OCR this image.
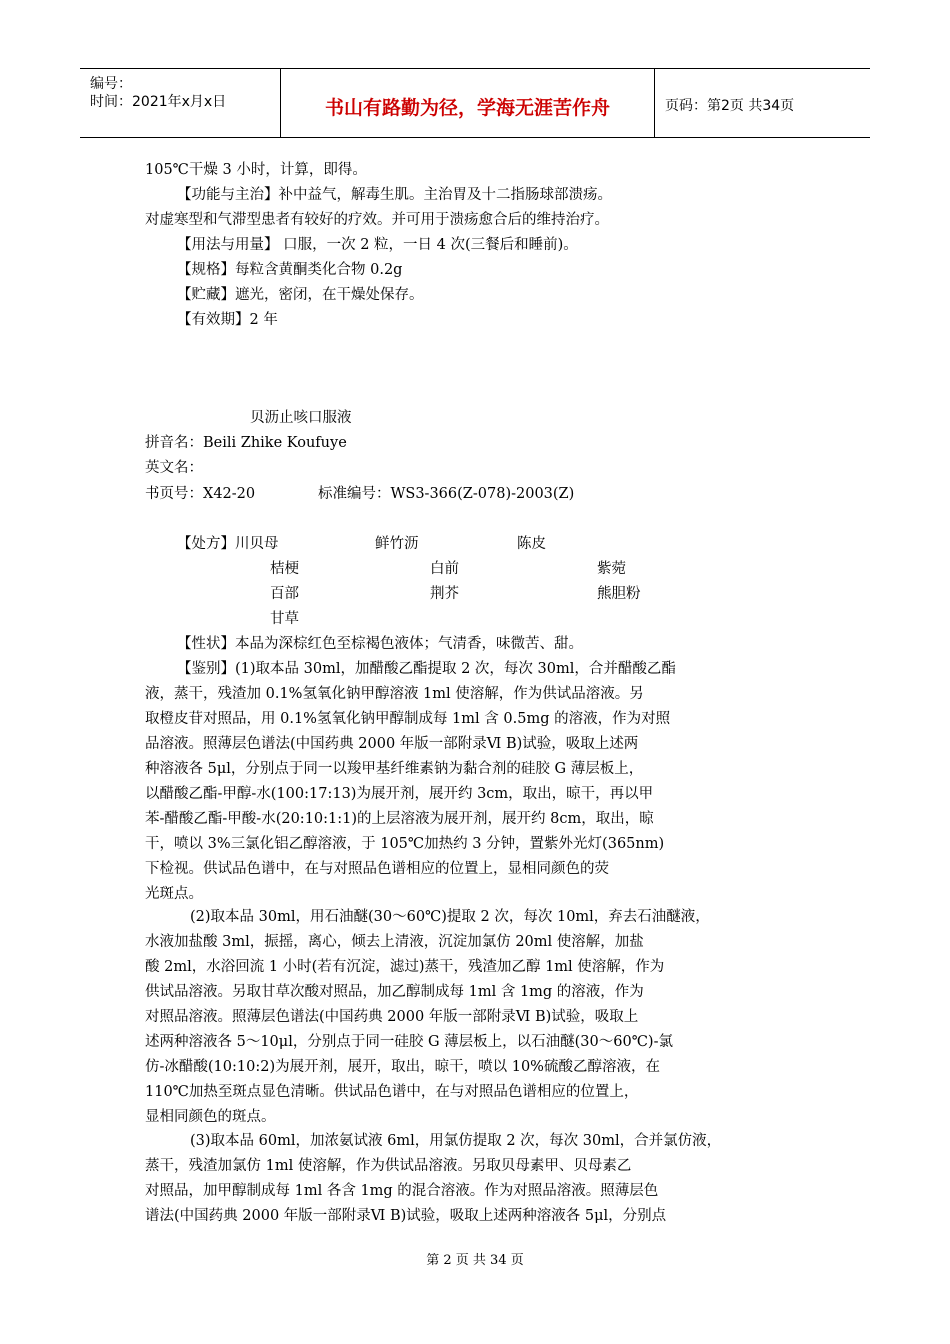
编号：
时间：2021年x月x日	书山有路勤为径，学海无涯苦作舟	页码：第2页 共34页
105℃干燥 3 小时，计算，即得。
【功能与主治】补中益气，解毒生肌。主治胃及十二指肠球部溃疡。
对虚寒型和气滞型患者有较好的疗效。并可用于溃疡愈合后的维持治疗。
【用法与用量】 口服，一次 2 粒，一日 4 次(三餐后和睡前)。
【规格】每粒含黄酮类化合物 0.2g
【贮藏】遮光，密闭，在干燥处保存。
【有效期】2 年
贝沥止咳口服液
拼音名：Beili Zhike Koufuye
英文名：
书页号：X42-20	标准编号：WS3-366(Z-078)-2003(Z)
【处方】川贝母	鲜竹沥	陈皮
桔梗	白前	紫菀
百部	荆芥	熊胆粉
甘草
【性状】本品为深棕红色至棕褐色液体；气清香，味微苦、甜。
【鉴别】(1)取本品 30ml，加醋酸乙酯提取 2 次，每次 30ml，合并醋酸乙酯
液，蒸干，残渣加 0.1%氢氧化钠甲醇溶液 1ml 使溶解，作为供试品溶液。另
取橙皮苷对照品，用 0.1%氢氧化钠甲醇制成每 1ml 含 0.5mg 的溶液，作为对照
品溶液。照薄层色谱法(中国药典 2000 年版一部附录Ⅵ B)试验，吸取上述两
种溶液各 5μl，分别点于同一以羧甲基纤维素钠为黏合剂的硅胶 G 薄层板上，
以醋酸乙酯-甲醇-水(100:17:13)为展开剂，展开约 3cm，取出，晾干，再以甲
苯-醋酸乙酯-甲酸-水(20:10:1:1)的上层溶液为展开剂，展开约 8cm，取出，晾
干，喷以 3%三氯化铝乙醇溶液，于 105℃加热约 3 分钟，置紫外光灯(365nm)
下检视。供试品色谱中，在与对照品色谱相应的位置上，显相同颜色的荧
光斑点。
(2)取本品 30ml，用石油醚(30～60℃)提取 2 次，每次 10ml，弃去石油醚液，
水液加盐酸 3ml，振摇，离心，倾去上清液，沉淀加氯仿 20ml 使溶解，加盐
酸 2ml，水浴回流 1 小时(若有沉淀，滤过)蒸干，残渣加乙醇 1ml 使溶解，作为
供试品溶液。另取甘草次酸对照品，加乙醇制成每 1ml 含 1mg 的溶液，作为
对照品溶液。照薄层色谱法(中国药典 2000 年版一部附录Ⅵ B)试验，吸取上
述两种溶液各 5～10μl，分别点于同一硅胶 G 薄层板上，以石油醚(30～60℃)-氯
仿-冰醋酸(10:10:2)为展开剂，展开，取出，晾干，喷以 10%硫酸乙醇溶液，在
110℃加热至斑点显色清晰。供试品色谱中，在与对照品色谱相应的位置上，
显相同颜色的斑点。
(3)取本品 60ml，加浓氨试液 6ml，用氯仿提取 2 次，每次 30ml，合并氯仿液，
蒸干，残渣加氯仿 1ml 使溶解，作为供试品溶液。另取贝母素甲、贝母素乙
对照品，加甲醇制成每 1ml 各含 1mg 的混合溶液。作为对照品溶液。照薄层色
谱法(中国药典 2000 年版一部附录Ⅵ B)试验，吸取上述两种溶液各 5μl，分别点
第 2 页 共 34 页
